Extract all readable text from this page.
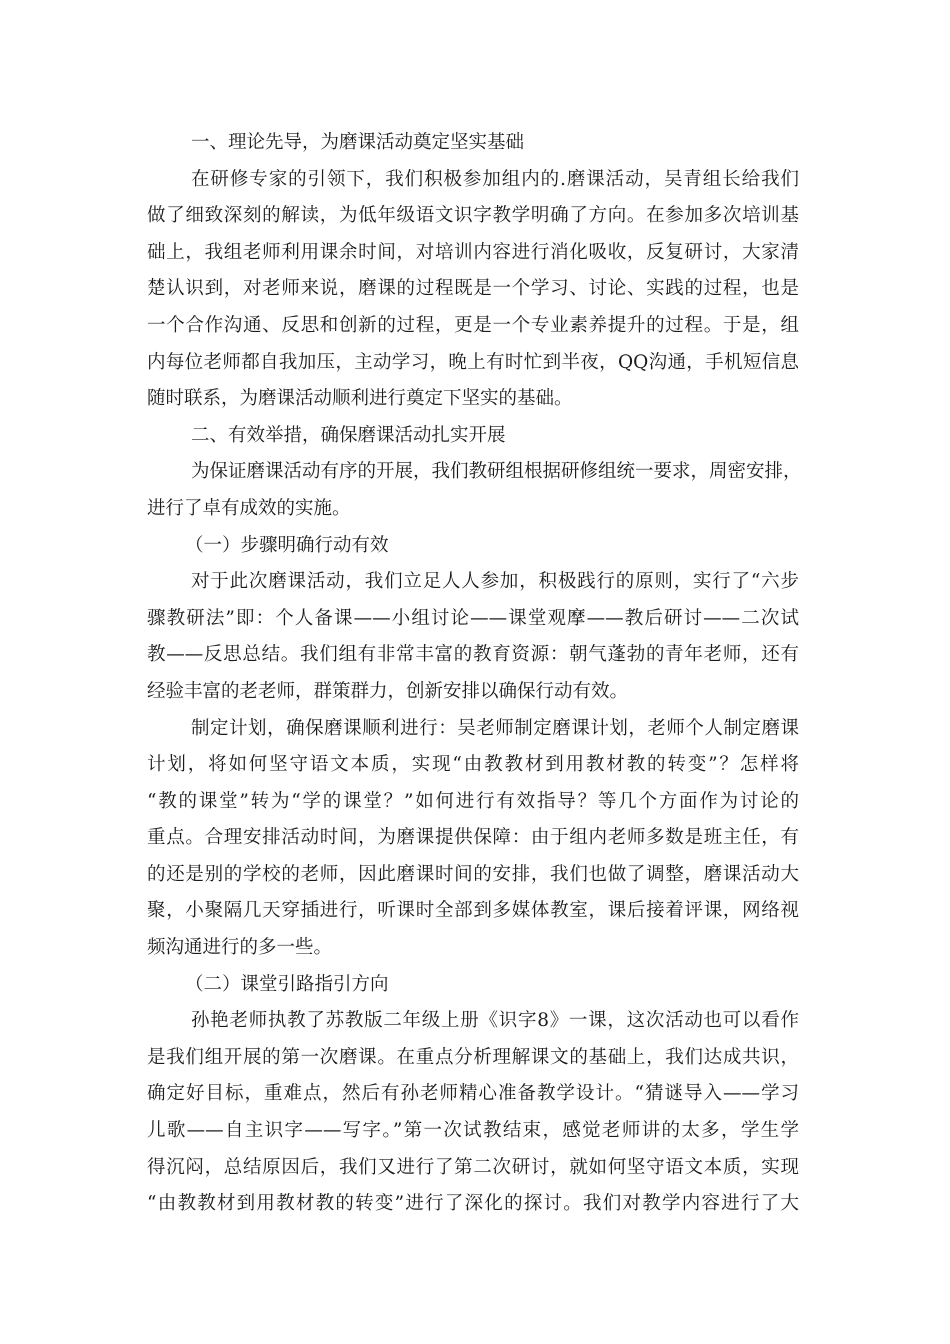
一、理论先导，为磨课活动奠定坚实基础
在研修专家的引领下，我们积极参加组内的.磨课活动，吴青组长给我们
做了细致深刻的解读，为低年级语文识字教学明确了方向。在参加多次培训基
础上，我组老师利用课余时间，对培训内容进行消化吸收，反复研讨，大家清
楚认识到，对老师来说，磨课的过程既是一个学习、讨论、实践的过程，也是
一个合作沟通、反思和创新的过程，更是一个专业素养提升的过程。于是，组
内每位老师都自我加压，主动学习，晚上有时忙到半夜，QQ沟通，手机短信息
随时联系，为磨课活动顺利进行奠定下坚实的基础。
二、有效举措，确保磨课活动扎实开展
为保证磨课活动有序的开展，我们教研组根据研修组统一要求，周密安排，
进行了卓有成效的实施。
（一）步骤明确行动有效
对于此次磨课活动，我们立足人人参加，积极践行的原则，实行了“六步
骤教研法”即：个人备课——小组讨论——课堂观摩——教后研讨——二次试
教——反思总结。我们组有非常丰富的教育资源：朝气蓬勃的青年老师，还有
经验丰富的老老师，群策群力，创新安排以确保行动有效。
制定计划，确保磨课顺利进行：吴老师制定磨课计划，老师个人制定磨课
计划，将如何坚守语文本质，实现“由教教材到用教材教的转变”？怎样将
“教的课堂”转为“学的课堂？”如何进行有效指导？等几个方面作为讨论的
重点。合理安排活动时间，为磨课提供保障：由于组内老师多数是班主任，有
的还是别的学校的老师，因此磨课时间的安排，我们也做了调整，磨课活动大
聚，小聚隔几天穿插进行，听课时全部到多媒体教室，课后接着评课，网络视
频沟通进行的多一些。
（二）课堂引路指引方向
孙艳老师执教了苏教版二年级上册《识字8》一课，这次活动也可以看作
是我们组开展的第一次磨课。在重点分析理解课文的基础上，我们达成共识，
确定好目标，重难点，然后有孙老师精心准备教学设计。“猜谜导入——学习
儿歌——自主识字——写字。”第一次试教结束，感觉老师讲的太多，学生学
得沉闷，总结原因后，我们又进行了第二次研讨，就如何坚守语文本质，实现
“由教教材到用教材教的转变”进行了深化的探讨。我们对教学内容进行了大
